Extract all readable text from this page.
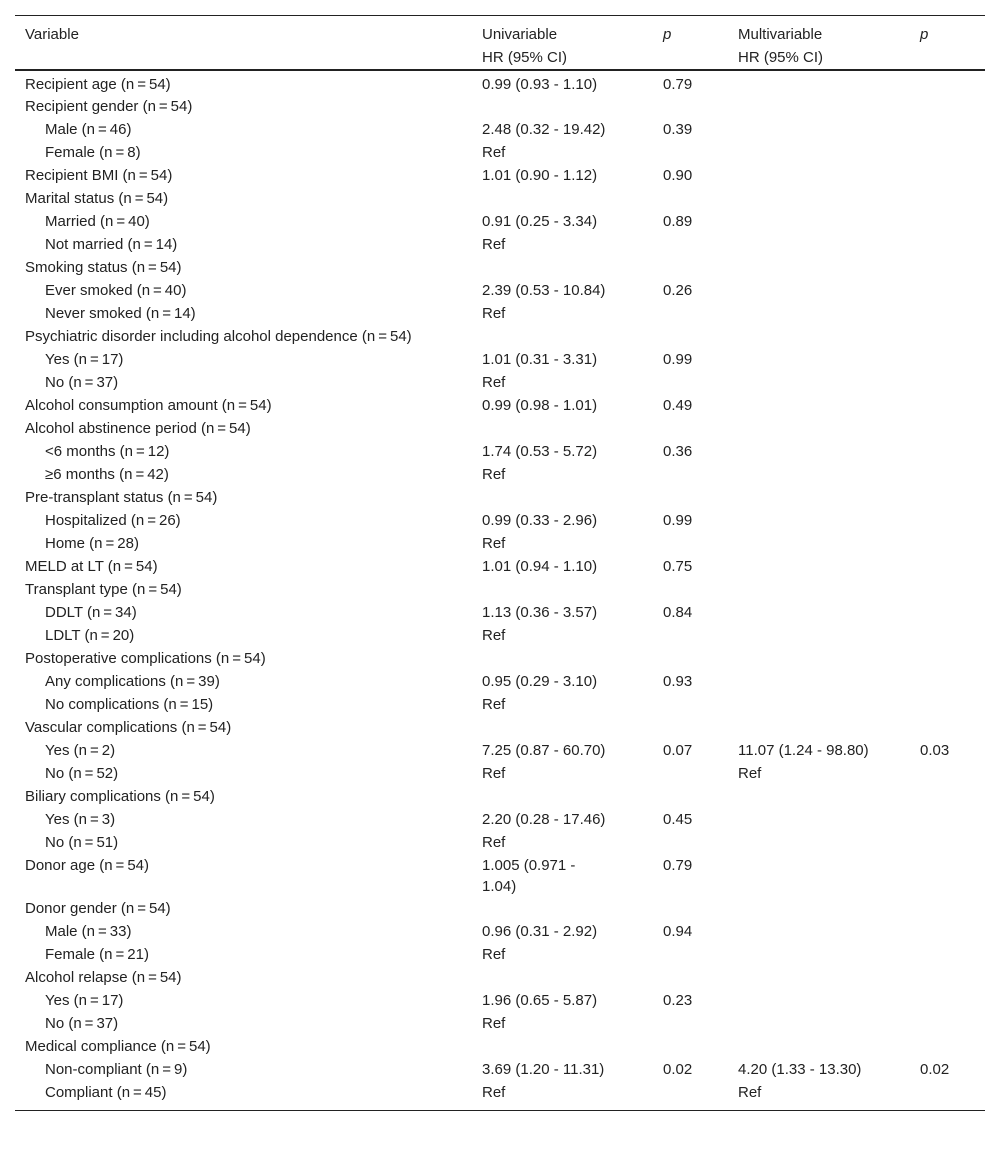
Variable	Univariable	p	Multivariable	p
	HR (95% CI)		HR (95% CI)	
Recipient age (n = 54)	0.99 (0.93 - 1.10)	0.79		
Recipient gender (n = 54)				
Male (n = 46)	2.48 (0.32 - 19.42)	0.39		
Female (n = 8)	Ref			
Recipient BMI (n = 54)	1.01 (0.90 - 1.12)	0.90		
Marital status (n = 54)				
Married (n = 40)	0.91 (0.25 - 3.34)	0.89		
Not married (n = 14)	Ref			
Smoking status (n = 54)				
Ever smoked (n = 40)	2.39 (0.53 - 10.84)	0.26		
Never smoked (n = 14)	Ref			
Psychiatric disorder including alcohol dependence (n = 54)				
Yes (n = 17)	1.01 (0.31 - 3.31)	0.99		
No (n = 37)	Ref			
Alcohol consumption amount (n = 54)	0.99 (0.98 - 1.01)	0.49		
Alcohol abstinence period (n = 54)				
<6 months (n = 12)	1.74 (0.53 - 5.72)	0.36		
≥6 months (n = 42)	Ref			
Pre-transplant status (n = 54)				
Hospitalized (n = 26)	0.99 (0.33 - 2.96)	0.99		
Home (n = 28)	Ref			
MELD at LT (n = 54)	1.01 (0.94 - 1.10)	0.75		
Transplant type (n = 54)				
DDLT (n = 34)	1.13 (0.36 - 3.57)	0.84		
LDLT (n = 20)	Ref			
Postoperative complications (n = 54)				
Any complications (n = 39)	0.95 (0.29 - 3.10)	0.93		
No complications (n = 15)	Ref			
Vascular complications (n = 54)				
Yes (n = 2)	7.25 (0.87 - 60.70)	0.07	11.07 (1.24 - 98.80)	0.03
No (n = 52)	Ref		Ref	
Biliary complications (n = 54)				
Yes (n = 3)	2.20 (0.28 - 17.46)	0.45		
No (n = 51)	Ref			
Donor age (n = 54)	1.005 (0.971 - 1.04)	0.79		
Donor gender (n = 54)				
Male (n = 33)	0.96 (0.31 - 2.92)	0.94		
Female (n = 21)	Ref			
Alcohol relapse (n = 54)				
Yes (n = 17)	1.96 (0.65 - 5.87)	0.23		
No (n = 37)	Ref			
Medical compliance (n = 54)				
Non-compliant (n = 9)	3.69 (1.20 - 11.31)	0.02	4.20 (1.33 - 13.30)	0.02
Compliant (n = 45)	Ref		Ref	
